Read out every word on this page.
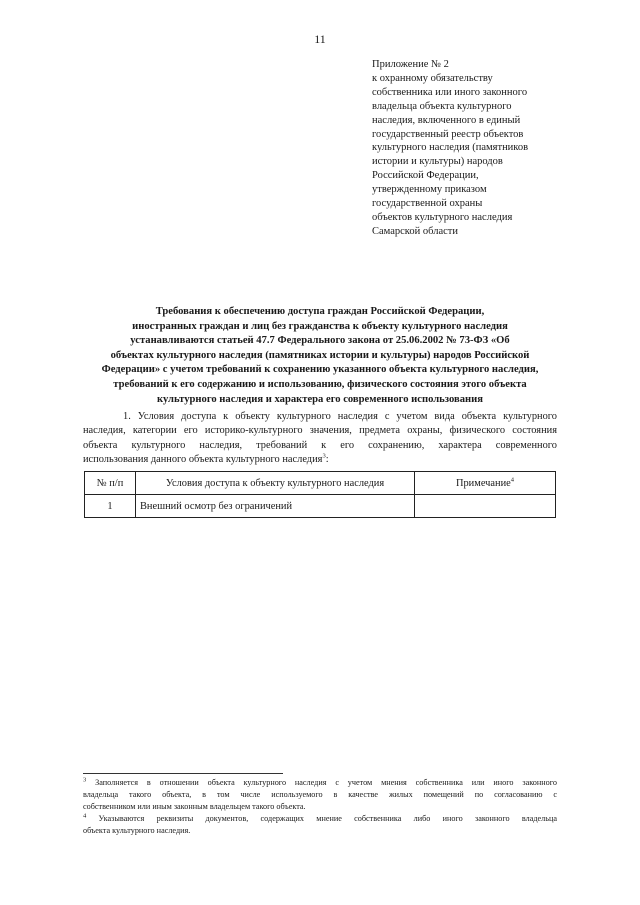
11
Приложение № 2
к охранному обязательству
собственника или иного законного
владельца объекта культурного
наследия, включенного в единый
государственный реестр объектов
культурного наследия (памятников
истории и культуры) народов
Российской Федерации,
утвержденному приказом
государственной охраны
объектов культурного наследия
Самарской области
Требования к обеспечению доступа граждан Российской Федерации,
иностранных граждан и лиц без гражданства к объекту культурного наследия
устанавливаются статьей 47.7 Федерального закона от 25.06.2002 № 73-ФЗ «Об
объектах культурного наследия (памятниках истории и культуры) народов Российской
Федерации» с учетом требований к сохранению указанного объекта культурного наследия,
требований к его содержанию и использованию, физического состояния этого объекта
культурного наследия и характера его современного использования
1. Условия доступа к объекту культурного наследия с учетом вида объекта культурного
наследия, категории его историко-культурного значения, предмета охраны, физического состояния
объекта культурного наследия, требований к его сохранению, характера современного
использования данного объекта культурного наследия$^3$:
№ п/п	Условия доступа к объекту культурного наследия	Примечание$^4$
1	Внешний осмотр без ограничений	
$^3$ Заполняется в отношении объекта культурного наследия с учетом мнения собственника или иного законного
владельца такого объекта, в том числе используемого в качестве жилых помещений по согласованию с
собственником или иным законным владельцем такого объекта.
$^4$ Указываются реквизиты документов, содержащих мнение собственника либо иного законного владельца
объекта культурного наследия.
